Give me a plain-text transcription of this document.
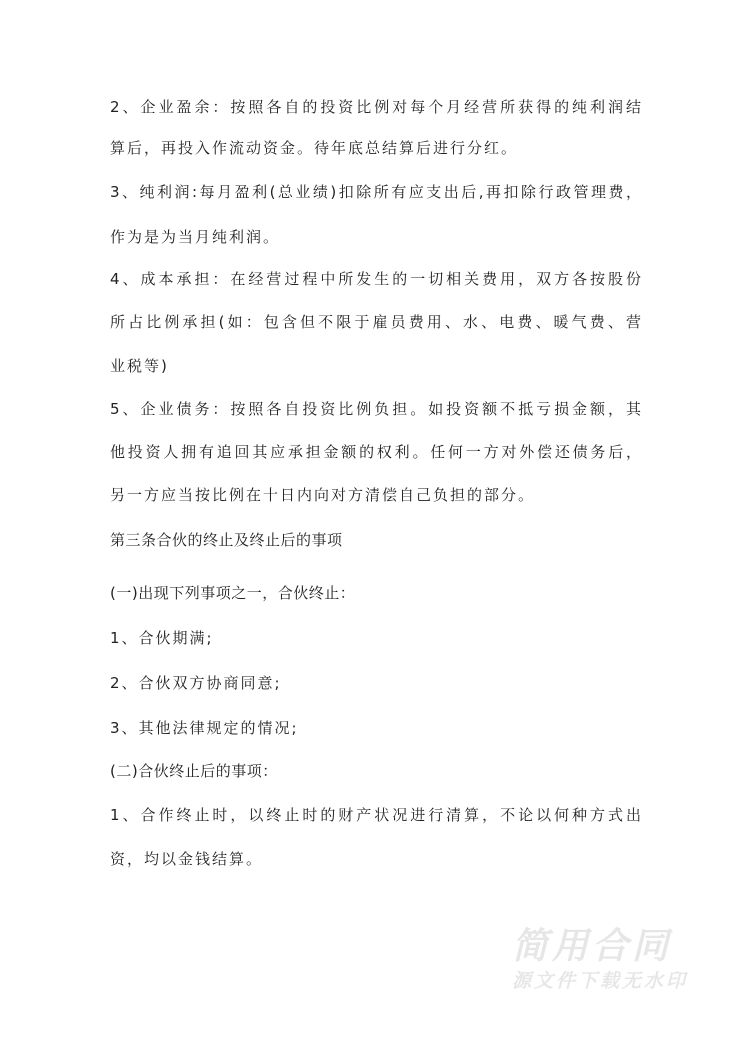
2、企业盈余：按照各自的投资比例对每个月经营所获得的纯利润结
算后，再投入作流动资金。待年底总结算后进行分红。
3、纯利润:每月盈利(总业绩)扣除所有应支出后,再扣除行政管理费，
作为是为当月纯利润。
4、成本承担：在经营过程中所发生的一切相关费用，双方各按股份
所占比例承担(如：包含但不限于雇员费用、水、电费、暖气费、营
业税等)
5、企业债务：按照各自投资比例负担。如投资额不抵亏损金额，其
他投资人拥有追回其应承担金额的权利。任何一方对外偿还债务后，
另一方应当按比例在十日内向对方清偿自己负担的部分。
第三条合伙的终止及终止后的事项
(一)出现下列事项之一，合伙终止：
1、合伙期满;
2、合伙双方协商同意;
3、其他法律规定的情况;
(二)合伙终止后的事项：
1、合作终止时，以终止时的财产状况进行清算，不论以何种方式出
资，均以金钱结算。
简用合同
源文件下载无水印
